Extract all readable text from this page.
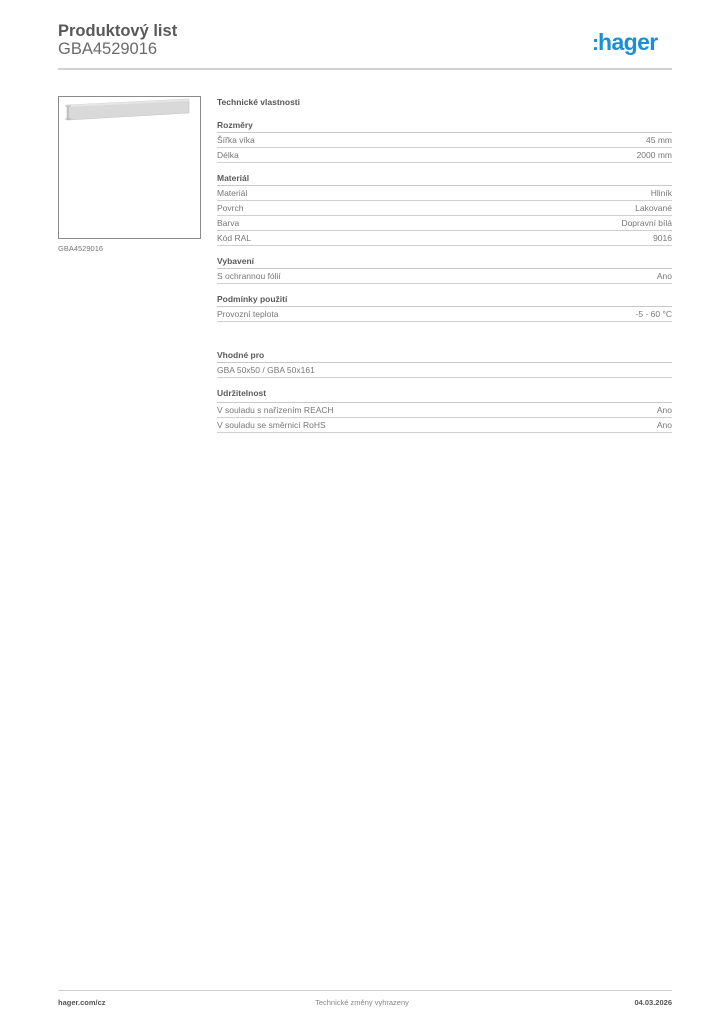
Produktový list
GBA4529016	:hager
GBA4529016
Technické vlastnosti
Rozměry
Šířka víka	45 mm
Délka	2000 mm
Materiál
Materiál	Hliník
Povrch	Lakované
Barva	Dopravní bílá
Kód RAL	9016
Vybavení
S ochrannou fólií	Ano
Podmínky použití
Provozní teplota	-5 - 60 °C
Vhodné pro
GBA 50x50 / GBA 50x161
Udržitelnost
V souladu s nařízením REACH	Ano
V souladu se směrnicí RoHS	Ano
hager.com/cz	Technické změny vyhrazeny	04.03.2026
